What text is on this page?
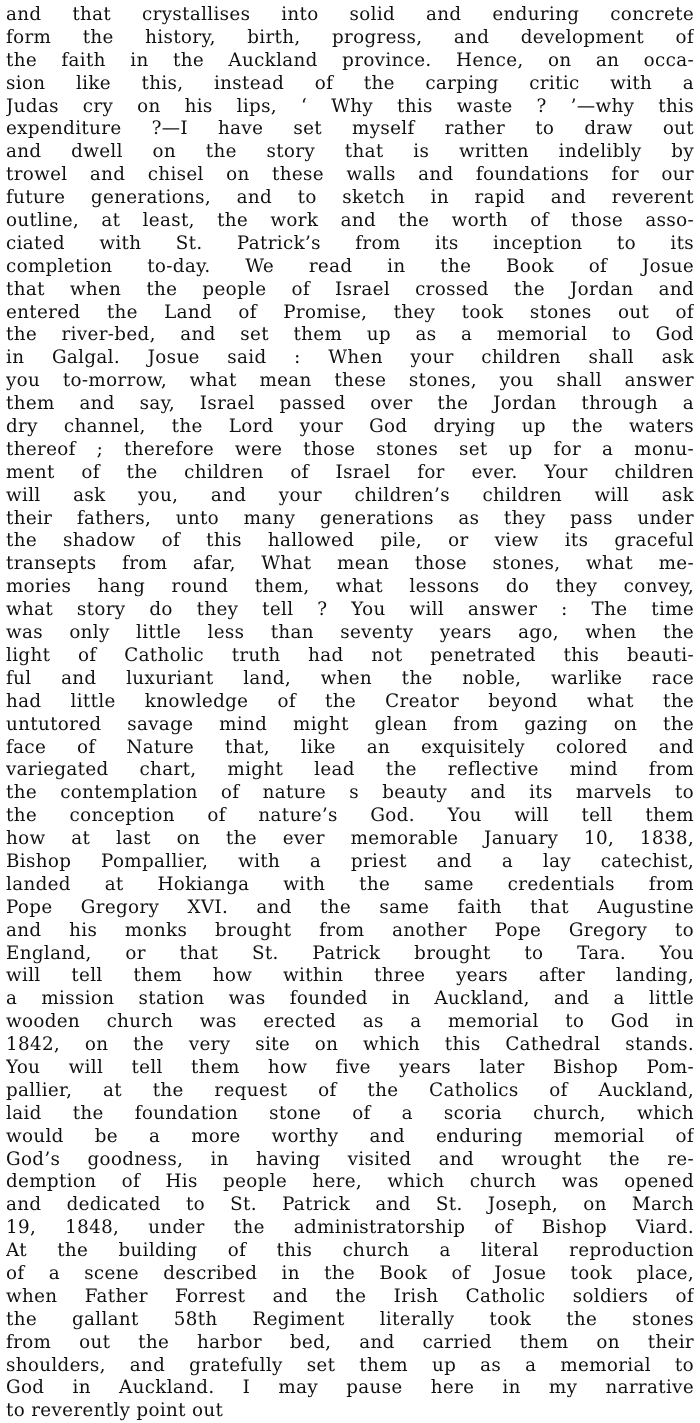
and that crystallises into solid and enduring concrete
form the history, birth, progress, and development of
the faith in the Auckland province. Hence, on an occa-
sion like this, instead of the carping critic with a
Judas cry on his lips, ‘ Why this waste ? ’—why this
expenditure ?—I have set myself rather to draw out
and dwell on the story that is written indelibly by
trowel and chisel on these walls and foundations for our
future generations, and to sketch in rapid and reverent
outline, at least, the work and the worth of those asso-
ciated with St. Patrick’s from its inception to its
completion to-day. We read in the Book of Josue
that when the people of Israel crossed the Jordan and
entered the Land of Promise, they took stones out of
the river-bed, and set them up as a memorial to God
in Galgal. Josue said : When your children shall ask
you to-morrow, what mean these stones, you shall answer
them and say, Israel passed over the Jordan through a
dry channel, the Lord your God drying up the waters
thereof ; therefore were those stones set up for a monu-
ment of the children of Israel for ever. Your children
will ask you, and your children’s children will ask
their fathers, unto many generations as they pass under
the shadow of this hallowed pile, or view its graceful
transepts from afar, What mean those stones, what me-
mories hang round them, what lessons do they convey,
what story do they tell ? You will answer : The time
was only little less than seventy years ago, when the
light of Catholic truth had not penetrated this beauti-
ful and luxuriant land, when the noble, warlike race
had little knowledge of the Creator beyond what the
untutored savage mind might glean from gazing on the
face of Nature that, like an exquisitely colored and
variegated chart, might lead the reflective mind from
the contemplation of nature s beauty and its marvels to
the conception of nature’s God. You will tell them
how at last on the ever memorable January 10, 1838,
Bishop Pompallier, with a priest and a lay catechist,
landed at Hokianga with the same credentials from
Pope Gregory XVI. and the same faith that Augustine
and his monks brought from another Pope Gregory to
England, or that St. Patrick brought to Tara. You
will tell them how within three years after landing,
a mission station was founded in Auckland, and a little
wooden church was erected as a memorial to God in
1842, on the very site on which this Cathedral stands.
You will tell them how five years later Bishop Pom-
pallier, at the request of the Catholics of Auckland,
laid the foundation stone of a scoria church, which
would be a more worthy and enduring memorial of
God’s goodness, in having visited and wrought the re-
demption of His people here, which church was opened
and dedicated to St. Patrick and St. Joseph, on March
19, 1848, under the administratorship of Bishop Viard.
At the building of this church a literal reproduction
of a scene described in the Book of Josue took place,
when Father Forrest and the Irish Catholic soldiers of
the gallant 58th Regiment literally took the stones
from out the harbor bed, and carried them on their
shoulders, and gratefully set them up as a memorial to
God in Auckland. I may pause here in my narrative
to reverently point out
